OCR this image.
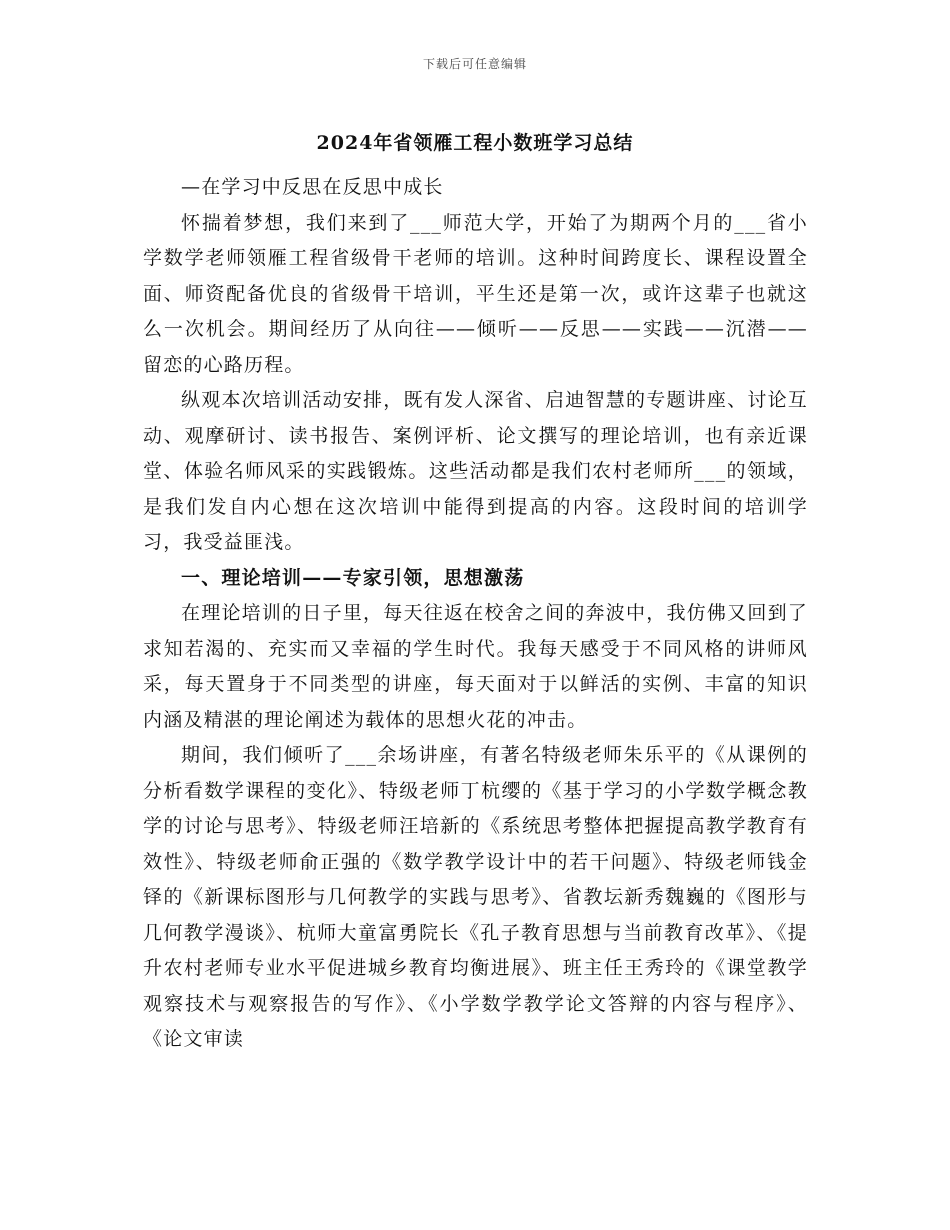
下载后可任意编辑
2024年省领雁工程小数班学习总结

—在学习中反思在反思中成长

怀揣着梦想，我们来到了___师范大学，开始了为期两个月的___省小学数学老师领雁工程省级骨干老师的培训。这种时间跨度长、课程设置全面、师资配备优良的省级骨干培训，平生还是第一次，或许这辈子也就这么一次机会。期间经历了从向往——倾听——反思——实践——沉潜——留恋的心路历程。

纵观本次培训活动安排，既有发人深省、启迪智慧的专题讲座、讨论互动、观摩研讨、读书报告、案例评析、论文撰写的理论培训，也有亲近课堂、体验名师风采的实践锻炼。这些活动都是我们农村老师所___的领域，是我们发自内心想在这次培训中能得到提高的内容。这段时间的培训学习，我受益匪浅。

一、理论培训——专家引领，思想激荡

在理论培训的日子里，每天往返在校舍之间的奔波中，我仿佛又回到了求知若渴的、充实而又幸福的学生时代。我每天感受于不同风格的讲师风采，每天置身于不同类型的讲座，每天面对于以鲜活的实例、丰富的知识内涵及精湛的理论阐述为载体的思想火花的冲击。

期间，我们倾听了___余场讲座，有著名特级老师朱乐平的《从课例的分析看数学课程的变化》、特级老师丁杭缨的《基于学习的小学数学概念教学的讨论与思考》、特级老师汪培新的《系统思考整体把握提高教学教育有效性》、特级老师俞正强的《数学教学设计中的若干问题》、特级老师钱金铎的《新课标图形与几何教学的实践与思考》、省教坛新秀魏巍的《图形与几何教学漫谈》、杭师大童富勇院长《孔子教育思想与当前教育改革》、《提升农村老师专业水平促进城乡教育均衡进展》、班主任王秀玲的《课堂教学观察技术与观察报告的写作》、《小学数学教学论文答辩的内容与程序》、《论文审读
